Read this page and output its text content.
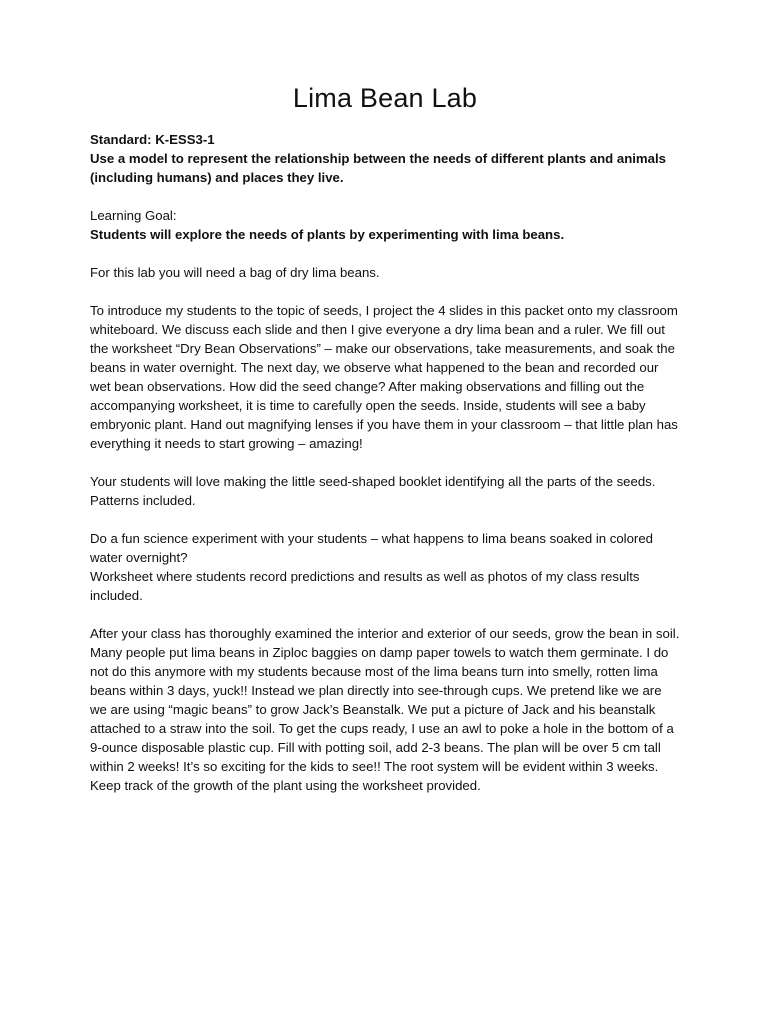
Lima Bean Lab

Standard: K-ESS3-1

Use a model to represent the relationship between the needs of different plants and animals (including humans) and places they live.

Learning Goal:

Students will explore the needs of plants by experimenting with lima beans.

For this lab you will need a bag of dry lima beans.

To introduce my students to the topic of seeds, I project the 4 slides in this packet onto my classroom whiteboard. We discuss each slide and then I give everyone a dry lima bean and a ruler. We fill out the worksheet “Dry Bean Observations” – make our observations, take measurements, and soak the beans in water overnight. The next day, we observe what happened to the bean and recorded our wet bean observations. How did the seed change? After making observations and filling out the accompanying worksheet, it is time to carefully open the seeds. Inside, students will see a baby embryonic plant. Hand out magnifying lenses if you have them in your classroom – that little plan has everything it needs to start growing – amazing!

Your students will love making the little seed-shaped booklet identifying all the parts of the seeds. Patterns included.

Do a fun science experiment with your students – what happens to lima beans soaked in colored water overnight?

Worksheet where students record predictions and results as well as photos of my class results included.

After your class has thoroughly examined the interior and exterior of our seeds, grow the bean in soil. Many people put lima beans in Ziploc baggies on damp paper towels to watch them germinate. I do not do this anymore with my students because most of the lima beans turn into smelly, rotten lima beans within 3 days, yuck!! Instead we plan directly into see-through cups. We pretend like we are we are using “magic beans” to grow Jack’s Beanstalk. We put a picture of Jack and his beanstalk attached to a straw into the soil. To get the cups ready, I use an awl to poke a hole in the bottom of a 9-ounce disposable plastic cup. Fill with potting soil, add 2-3 beans. The plan will be over 5 cm tall within 2 weeks! It’s so exciting for the kids to see!! The root system will be evident within 3 weeks. Keep track of the growth of the plant using the worksheet provided.
